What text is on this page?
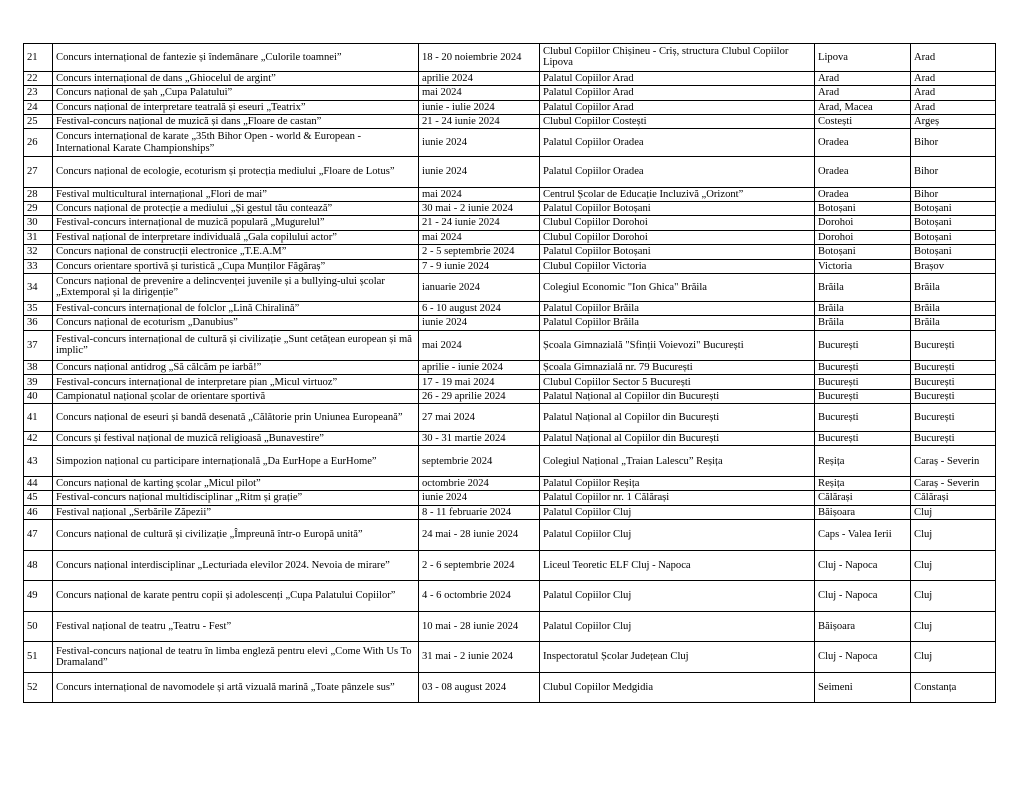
21	Concurs internațional de fantezie și îndemânare „Culorile toamnei”	18 - 20 noiembrie 2024	Clubul Copiilor Chișineu - Criș, structura Clubul Copiilor Lipova	Lipova	Arad
22	Concurs internațional de dans „Ghiocelul de argint”	aprilie 2024	Palatul Copiilor Arad	Arad	Arad
23	Concurs național de șah „Cupa Palatului”	mai 2024	Palatul Copiilor Arad	Arad	Arad
24	Concurs național de interpretare teatrală și eseuri „Teatrix”	iunie - iulie 2024	Palatul Copiilor Arad	Arad, Macea	Arad
25	Festival-concurs național de muzică și dans „Floare de castan”	21 - 24 iunie 2024	Clubul Copiilor Costești	Costești	Argeș
26	Concurs internațional de karate „35th Bihor Open - world & European - International Karate Championships”	iunie 2024	Palatul Copiilor Oradea	Oradea	Bihor
27	Concurs național de ecologie, ecoturism și protecția mediului „Floare de Lotus”	iunie 2024	Palatul Copiilor Oradea	Oradea	Bihor
28	Festival multicultural internațional „Flori de mai”	mai 2024	Centrul Școlar de Educație Incluzivă „Orizont”	Oradea	Bihor
29	Concurs național de protecție a mediului „Și gestul tău contează”	30 mai - 2 iunie 2024	Palatul Copiilor Botoșani	Botoșani	Botoșani
30	Festival-concurs internațional de muzică populară „Mugurelul”	21 - 24 iunie 2024	Clubul Copiilor Dorohoi	Dorohoi	Botoșani
31	Festival național de interpretare individuală „Gala copilului actor”	mai 2024	Clubul Copiilor Dorohoi	Dorohoi	Botoșani
32	Concurs național de construcții electronice „T.E.A.M”	2 - 5 septembrie 2024	Palatul Copiilor Botoșani	Botoșani	Botoșani
33	Concurs orientare sportivă și turistică „Cupa Munților Făgăraș”	7 - 9 iunie 2024	Clubul Copiilor Victoria	Victoria	Brașov
34	Concurs național de prevenire a delincvenței juvenile și a bullying-ului școlar „Extemporal și la dirigenție”	ianuarie 2024	Colegiul Economic "Ion Ghica" Brăila	Brăila	Brăila
35	Festival-concurs internațional de folclor „Lină Chiralină”	6 - 10 august 2024	Palatul Copiilor Brăila	Brăila	Brăila
36	Concurs național de ecoturism „Danubius”	iunie 2024	Palatul Copiilor Brăila	Brăila	Brăila
37	Festival-concurs internațional de cultură și civilizație „Sunt cetățean european și mă implic”	mai 2024	Școala Gimnazială "Sfinții Voievozi" București	București	București
38	Concurs național antidrog „Să călcăm pe iarbă!”	aprilie - iunie 2024	Școala Gimnazială nr. 79 București	București	București
39	Festival-concurs internațional de interpretare pian „Micul virtuoz”	17 - 19 mai 2024	Clubul Copiilor Sector 5 București	București	București
40	Campionatul național școlar de orientare sportivă	26 - 29 aprilie 2024	Palatul Național al Copiilor din București	București	București
41	Concurs național de eseuri și bandă desenată „Călătorie prin Uniunea Europeană”	27 mai 2024	Palatul Național al Copiilor din București	București	București
42	Concurs și festival național de muzică religioasă „Bunavestire”	30 - 31 martie 2024	Palatul Național al Copiilor din București	București	București
43	Simpozion național cu participare internațională „Da EurHope a EurHome”	septembrie 2024	Colegiul Național „Traian Lalescu” Reșița	Reșița	Caraș - Severin
44	Concurs național de karting școlar „Micul pilot”	octombrie 2024	Palatul Copiilor Reșița	Reșița	Caraș - Severin
45	Festival-concurs național multidisciplinar „Ritm și grație”	iunie 2024	Palatul Copiilor nr. 1 Călărași	Călărași	Călărași
46	Festival național „Serbările Zăpezii”	8 - 11 februarie 2024	Palatul Copiilor Cluj	Băișoara	Cluj
47	Concurs național de cultură și civilizație „Împreună într-o Europă unită”	24 mai - 28 iunie 2024	Palatul Copiilor Cluj	Caps - Valea Ierii	Cluj
48	Concurs național interdisciplinar „Lecturiada elevilor 2024. Nevoia de mirare”	2 - 6 septembrie 2024	Liceul Teoretic ELF Cluj - Napoca	Cluj - Napoca	Cluj
49	Concurs național de karate pentru copii și adolescenți „Cupa Palatului Copiilor”	4 - 6 octombrie 2024	Palatul Copiilor Cluj	Cluj - Napoca	Cluj
50	Festival național de teatru „Teatru - Fest”	10 mai - 28 iunie 2024	Palatul Copiilor Cluj	Băișoara	Cluj
51	Festival-concurs național de teatru în limba engleză pentru elevi „Come With Us To Dramaland”	31 mai - 2 iunie 2024	Inspectoratul Școlar Județean Cluj	Cluj - Napoca	Cluj
52	Concurs internațional de navomodele și artă vizuală marină „Toate pânzele sus”	03 - 08 august 2024	Clubul Copiilor Medgidia	Seimeni	Constanța
